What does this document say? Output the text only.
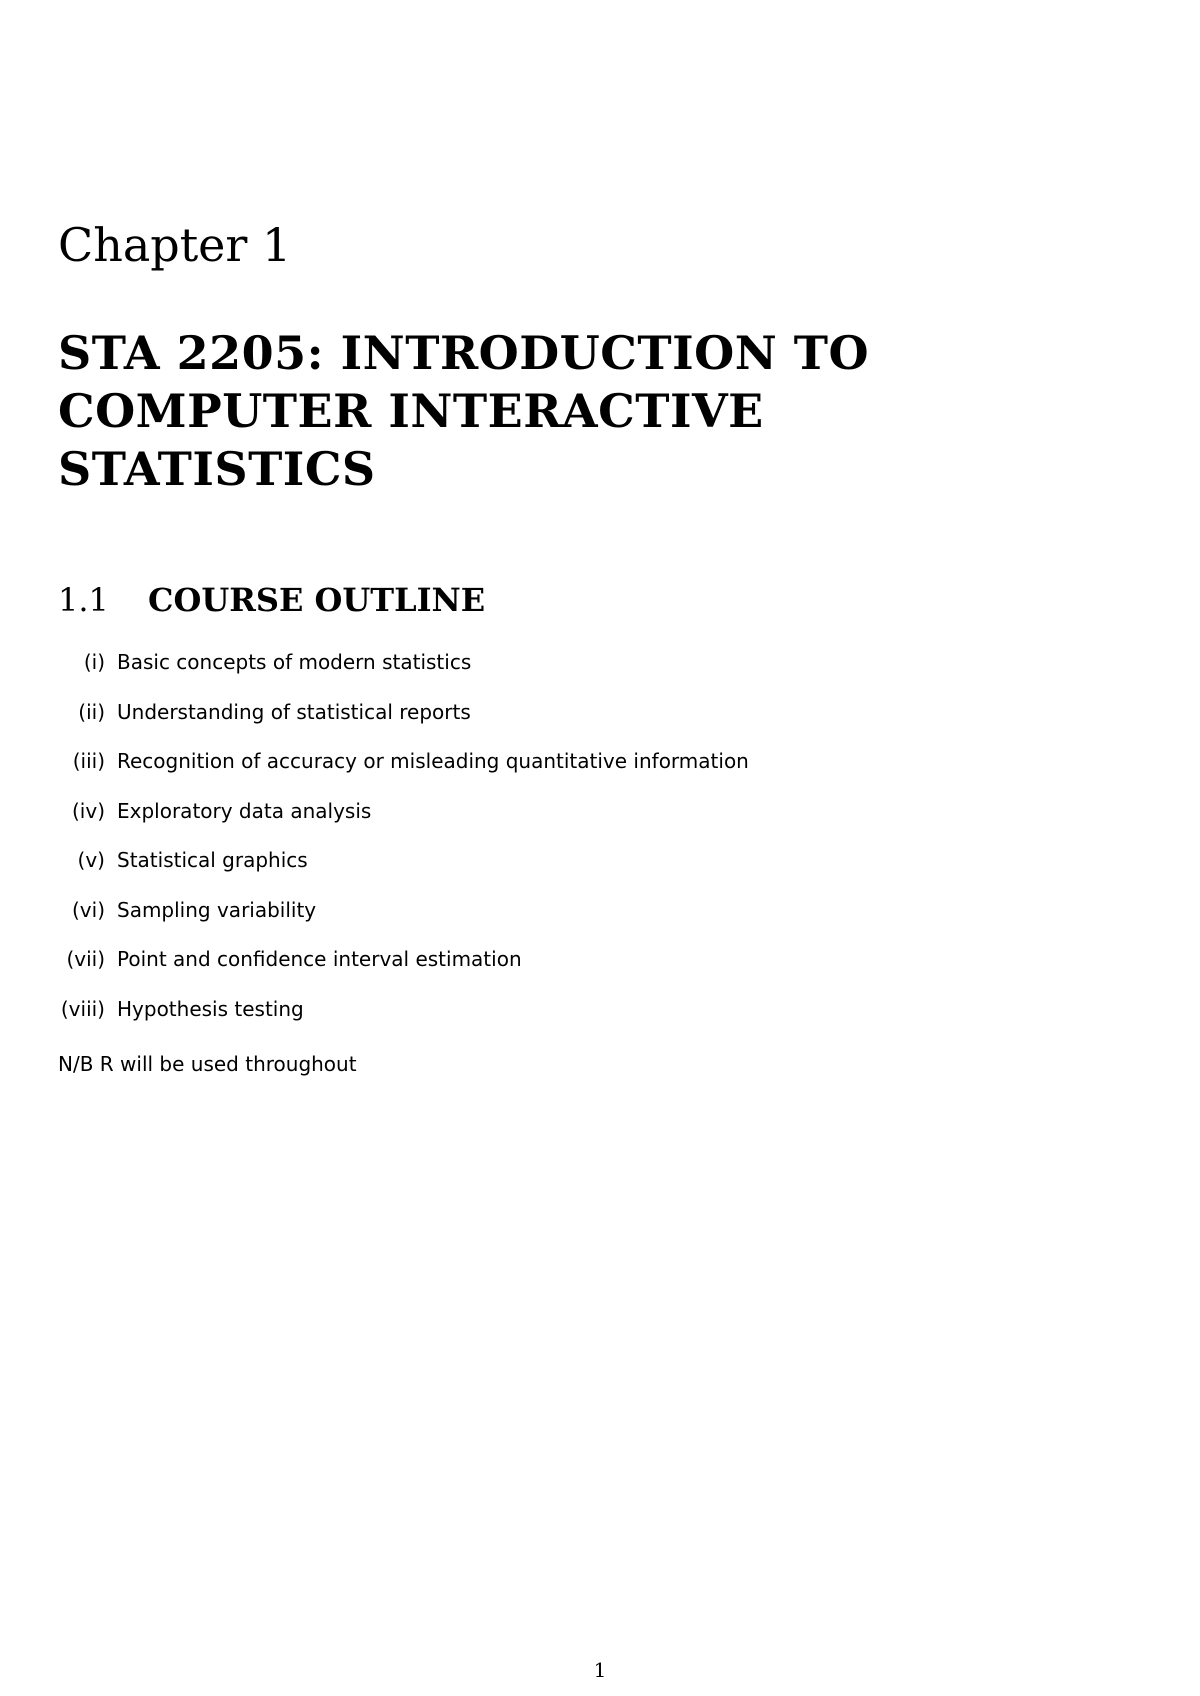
Chapter 1
STA 2205: INTRODUCTION TO
COMPUTER INTERACTIVE
STATISTICS
1.1 COURSE OUTLINE
(i) Basic concepts of modern statistics
(ii) Understanding of statistical reports
(iii) Recognition of accuracy or misleading quantitative information
(iv) Exploratory data analysis
(v) Statistical graphics
(vi) Sampling variability
(vii) Point and confidence interval estimation
(viii) Hypothesis testing

N/B R will be used throughout

1
